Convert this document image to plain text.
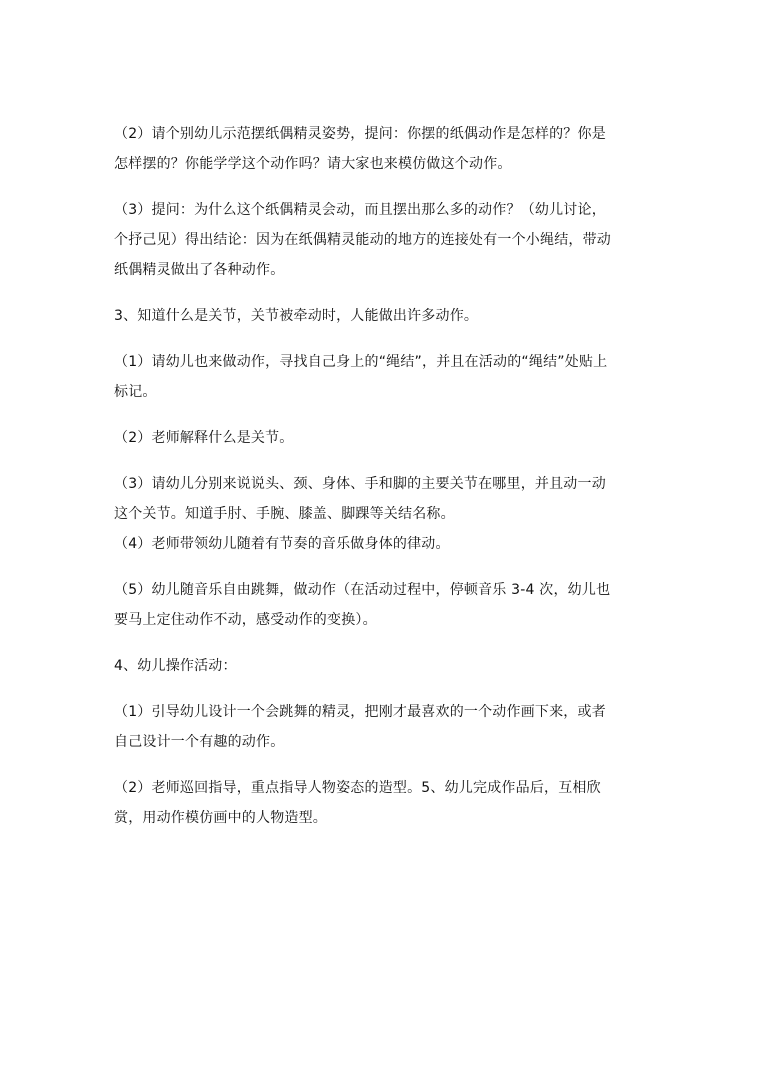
（2）请个别幼儿示范摆纸偶精灵姿势，提问：你摆的纸偶动作是怎样的？你是
怎样摆的？你能学学这个动作吗？请大家也来模仿做这个动作。
（3）提问：为什么这个纸偶精灵会动，而且摆出那么多的动作？（幼儿讨论，
个抒己见）得出结论：因为在纸偶精灵能动的地方的连接处有一个小绳结，带动
纸偶精灵做出了各种动作。
3、知道什么是关节，关节被牵动时，人能做出许多动作。
（1）请幼儿也来做动作，寻找自己身上的“绳结”，并且在活动的“绳结”处贴上
标记。
（2）老师解释什么是关节。
（3）请幼儿分别来说说头、颈、身体、手和脚的主要关节在哪里，并且动一动
这个关节。知道手肘、手腕、膝盖、脚踝等关结名称。
（4）老师带领幼儿随着有节奏的音乐做身体的律动。
（5）幼儿随音乐自由跳舞，做动作（在活动过程中，停顿音乐 3-4 次，幼儿也
要马上定住动作不动，感受动作的变换）。
4、幼儿操作活动：
（1）引导幼儿设计一个会跳舞的精灵，把刚才最喜欢的一个动作画下来，或者
自己设计一个有趣的动作。
（2）老师巡回指导，重点指导人物姿态的造型。5、幼儿完成作品后，互相欣
赏，用动作模仿画中的人物造型。
